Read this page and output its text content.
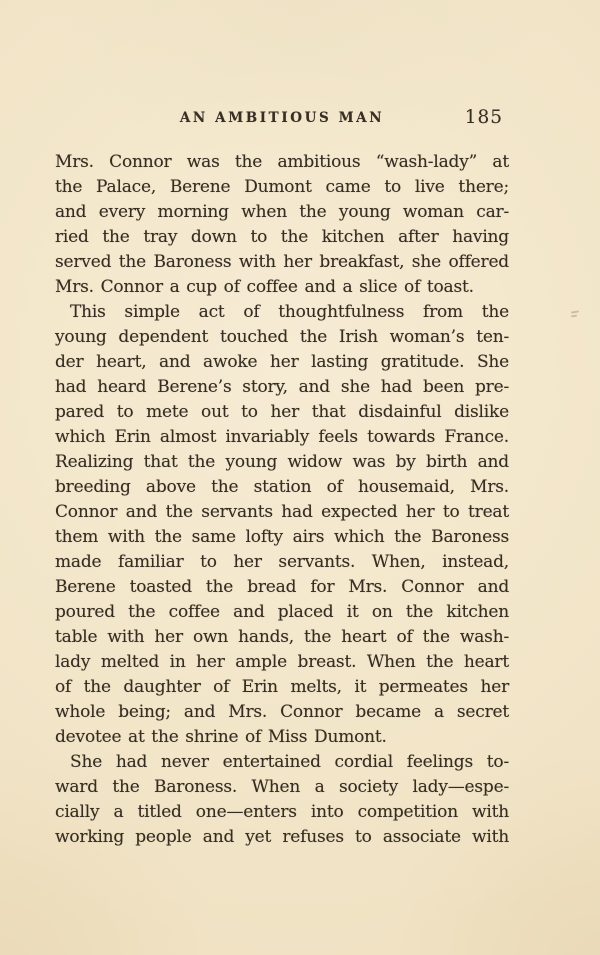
AN AMBITIOUS MAN	185
Mrs. Connor was the ambitious “wash-lady” at
the Palace, Berene Dumont came to live there;
and every morning when the young woman car-
ried the tray down to the kitchen after having
served the Baroness with her breakfast, she offered
Mrs. Connor a cup of coffee and a slice of toast.
This simple act of thoughtfulness from the
young dependent touched the Irish woman’s ten-
der heart, and awoke her lasting gratitude. She
had heard Berene’s story, and she had been pre-
pared to mete out to her that disdainful dislike
which Erin almost invariably feels towards France.
Realizing that the young widow was by birth and
breeding above the station of housemaid, Mrs.
Connor and the servants had expected her to treat
them with the same lofty airs which the Baroness
made familiar to her servants. When, instead,
Berene toasted the bread for Mrs. Connor and
poured the coffee and placed it on the kitchen
table with her own hands, the heart of the wash-
lady melted in her ample breast. When the heart
of the daughter of Erin melts, it permeates her
whole being; and Mrs. Connor became a secret
devotee at the shrine of Miss Dumont.
She had never entertained cordial feelings to-
ward the Baroness. When a society lady—espe-
cially a titled one—enters into competition with
working people and yet refuses to associate with
